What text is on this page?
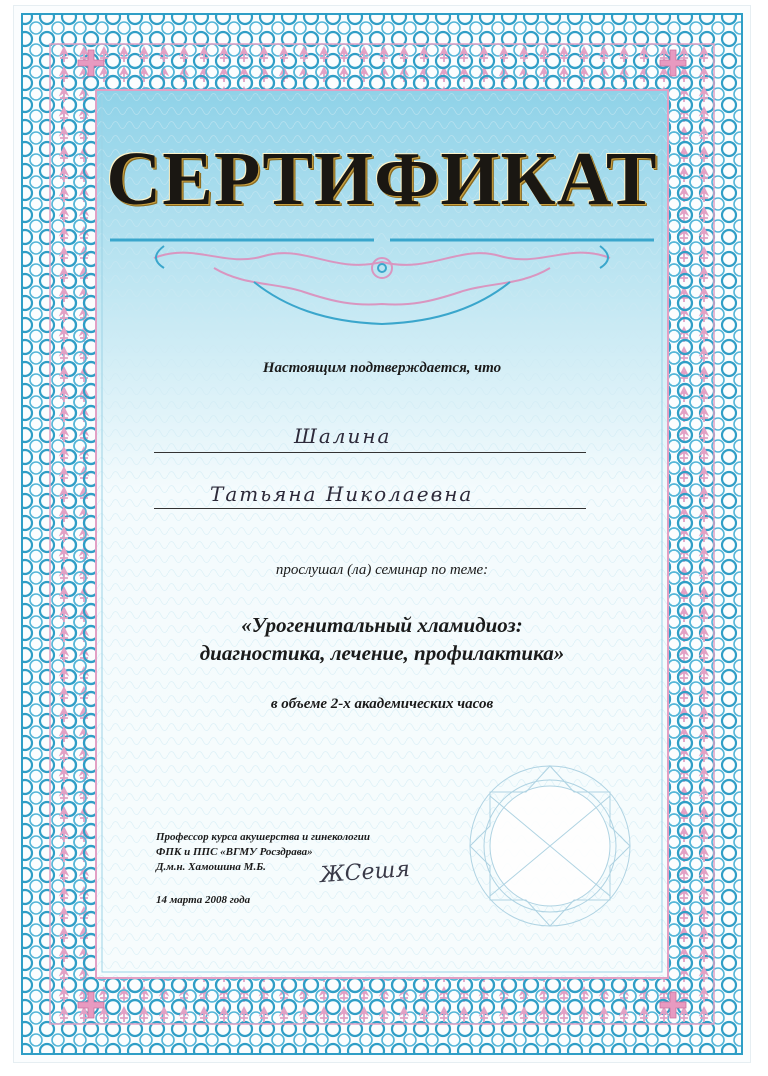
СЕРТИФИКАТ
Настоящим подтверждается, что
Шалина
Татьяна Николаевна
прослушал (ла) семинар по теме:
«Урогенитальный хламидиоз:
диагностика, лечение, профилактика»
в объеме 2-х академических часов
Профессор курса акушерства и гинекологии
ФПК и ППС «ВГМУ Росздрава»
Д.м.н. Хамошина М.Б.	ЖСешя
14 марта 2008 года
